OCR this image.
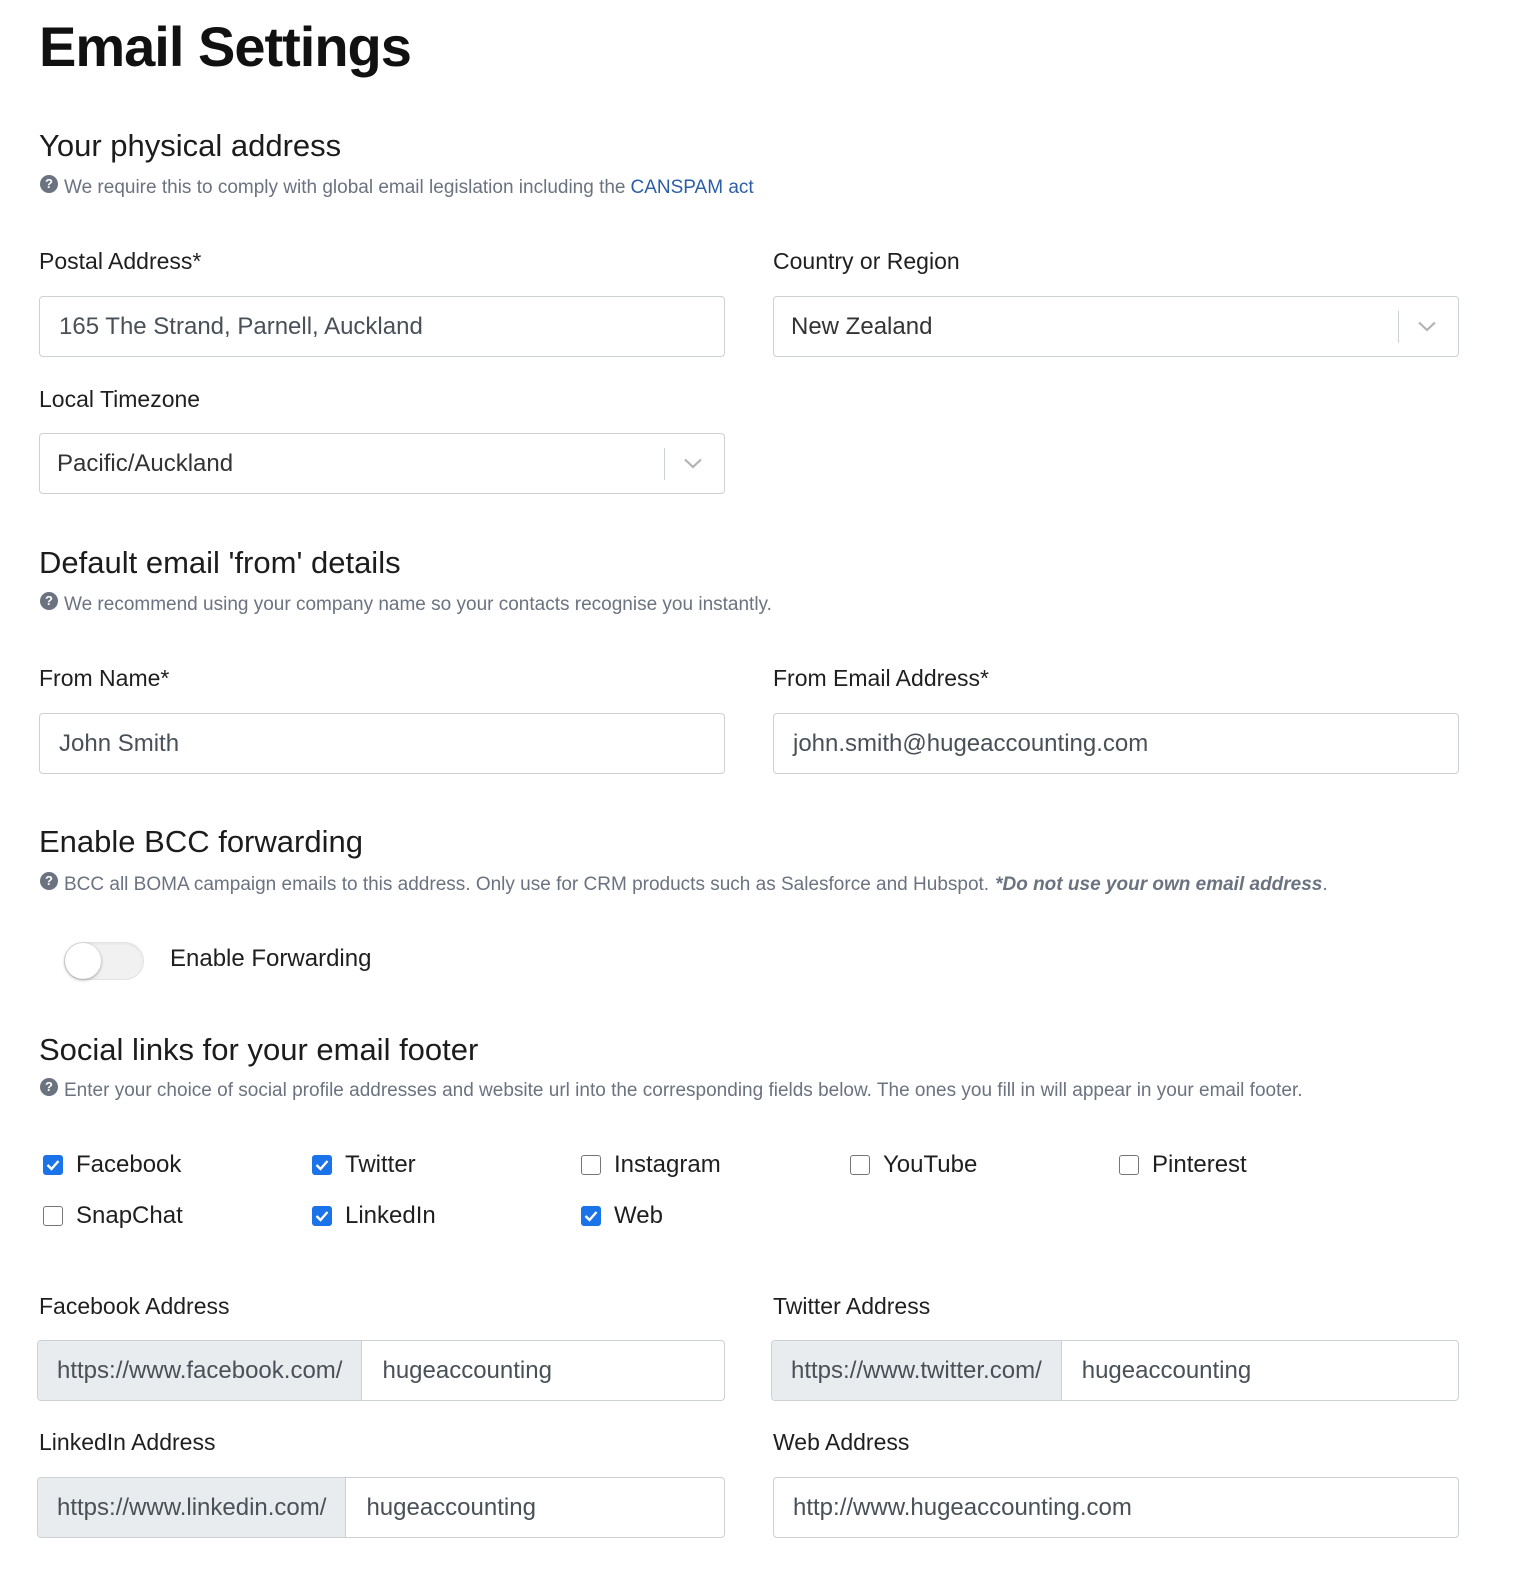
Email Settings
Your physical address
? We require this to comply with global email legislation including the CANSPAM act
Postal Address*
165 The Strand, Parnell, Auckland
Country or Region
New Zealand
Local Timezone
Pacific/Auckland
Default email 'from' details
? We recommend using your company name so your contacts recognise you instantly.
From Name*
John Smith
From Email Address*
john.smith@hugeaccounting.com
Enable BCC forwarding
? BCC all BOMA campaign emails to this address. Only use for CRM products such as Salesforce and Hubspot. *Do not use your own email address .
Enable Forwarding
Social links for your email footer
? Enter your choice of social profile addresses and website url into the corresponding fields below. The ones you fill in will appear in your email footer.
Facebook	Twitter	Instagram	YouTube	Pinterest
SnapChat	LinkedIn	Web
Facebook Address
https://www.facebook.com/	hugeaccounting
Twitter Address
https://www.twitter.com/	hugeaccounting
LinkedIn Address
https://www.linkedin.com/	hugeaccounting
Web Address
http://www.hugeaccounting.com
